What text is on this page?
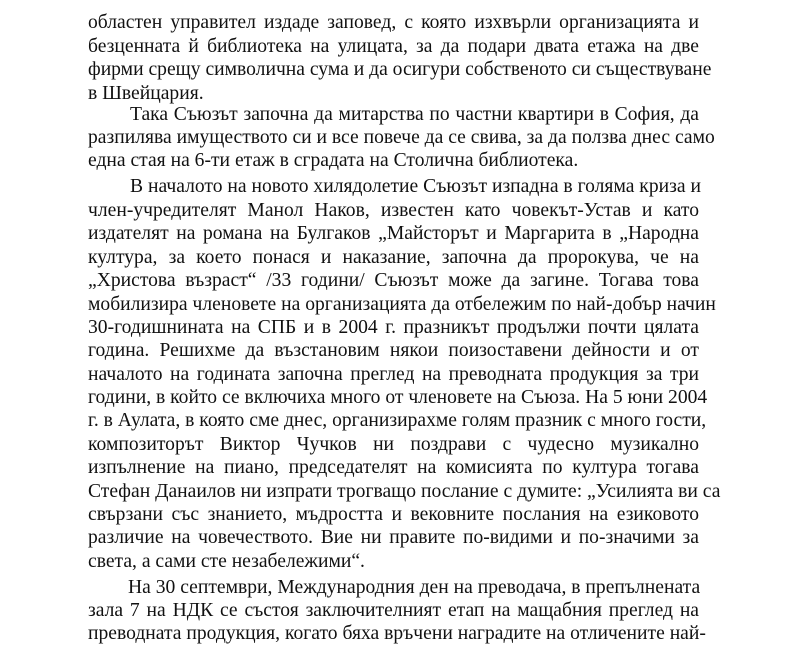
областен управител издаде заповед, с която изхвърли организацията и
безценната й библиотека на улицата, за да подари двата етажа на две
фирми срещу символична сума и да осигури собственото си съществуване
в Швейцария.
Така Съюзът започна да митарства по частни квартири в София, да
разпилява имуществото си и все повече да се свива, за да ползва днес само
една стая на 6-ти етаж в сградата на Столична библиотека.
В началото на новото хилядолетие Съюзът изпадна в голяма криза и
член-учредителят Манол Наков, известен като човекът-Устав и като
издателят на романа на Булгаков „Майсторът и Маргарита в „Народна
култура, за което понася и наказание, започна да пророкува, че на
„Христова възраст“ /33 години/ Съюзът може да загине. Тогава това
мобилизира членовете на организацията да отбележим по най-добър начин
30-годишнината на СПБ и в 2004 г. празникът продължи почти цялата
година. Решихме да възстановим някои поизоставени дейности и от
началото на годината започна преглед на преводната продукция за три
години, в който се включиха много от членовете на Съюза. На 5 юни 2004
г. в Аулата, в която сме днес, организирахме голям празник с много гости,
композиторът Виктор Чучков ни поздрави с чудесно музикално
изпълнение на пиано, председателят на комисията по култура тогава
Стефан Данаилов ни изпрати трогващо послание с думите: „Усилията ви са
свързани със знанието, мъдростта и вековните послания на езиковото
различие на човечеството. Вие ни правите по-видими и по-значими за
света, а сами сте незабележими“.
На 30 септември, Международния ден на преводача, в препълнената
зала 7 на НДК се състоя заключителният етап на мащабния преглед на
преводната продукция, когато бяха връчени наградите на отличените най-
